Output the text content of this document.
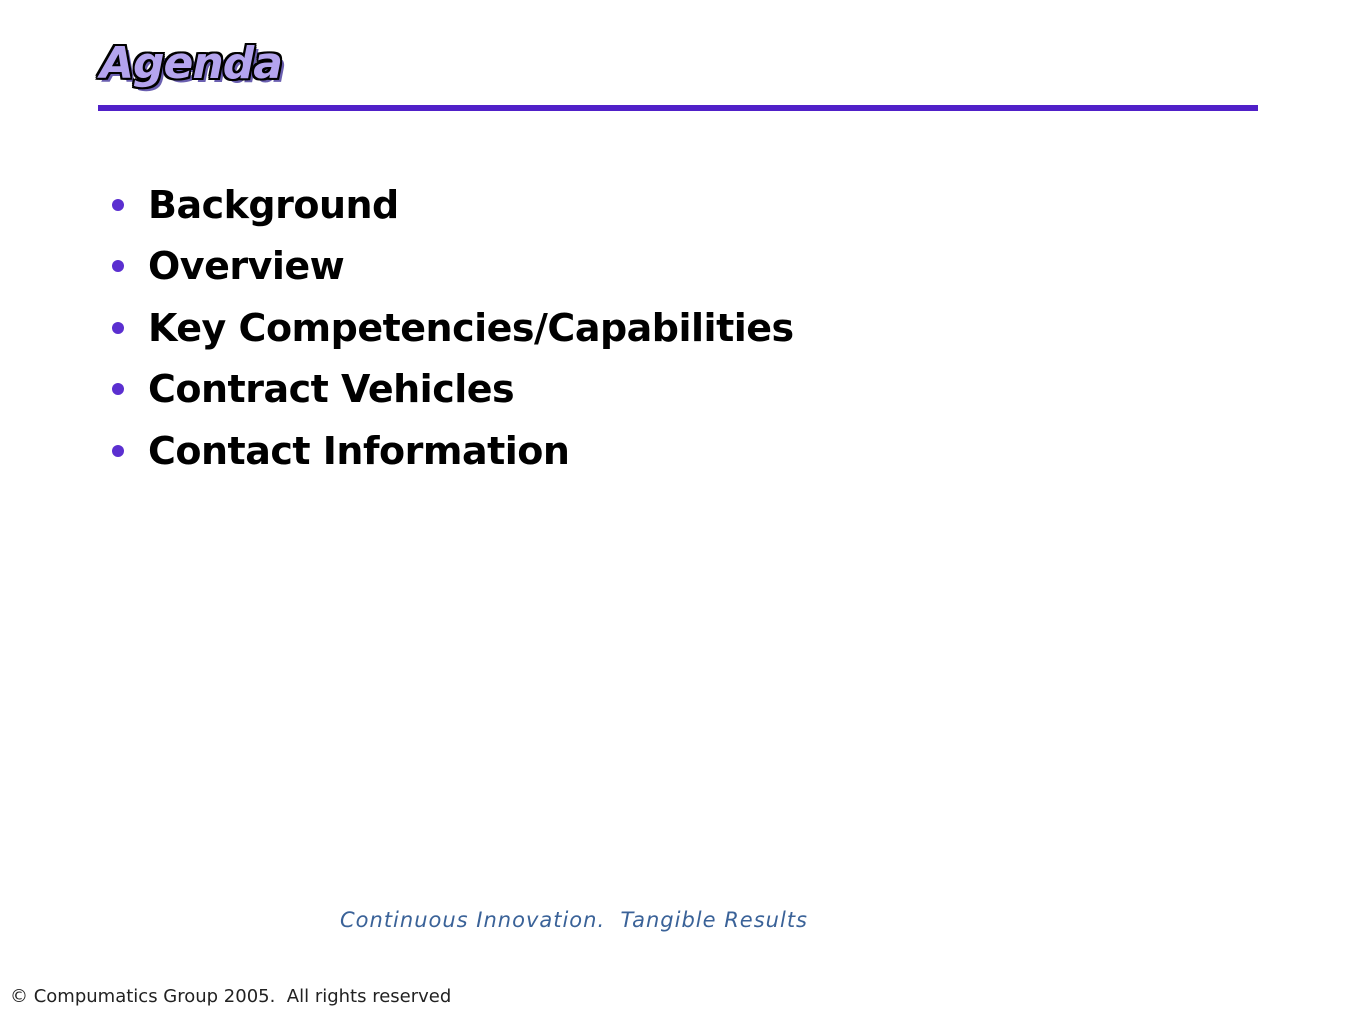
Agenda
Background
Overview
Key Competencies/Capabilities
Contract Vehicles
Contact Information
Continuous Innovation.  Tangible Results
© Compumatics Group 2005.  All rights reserved
